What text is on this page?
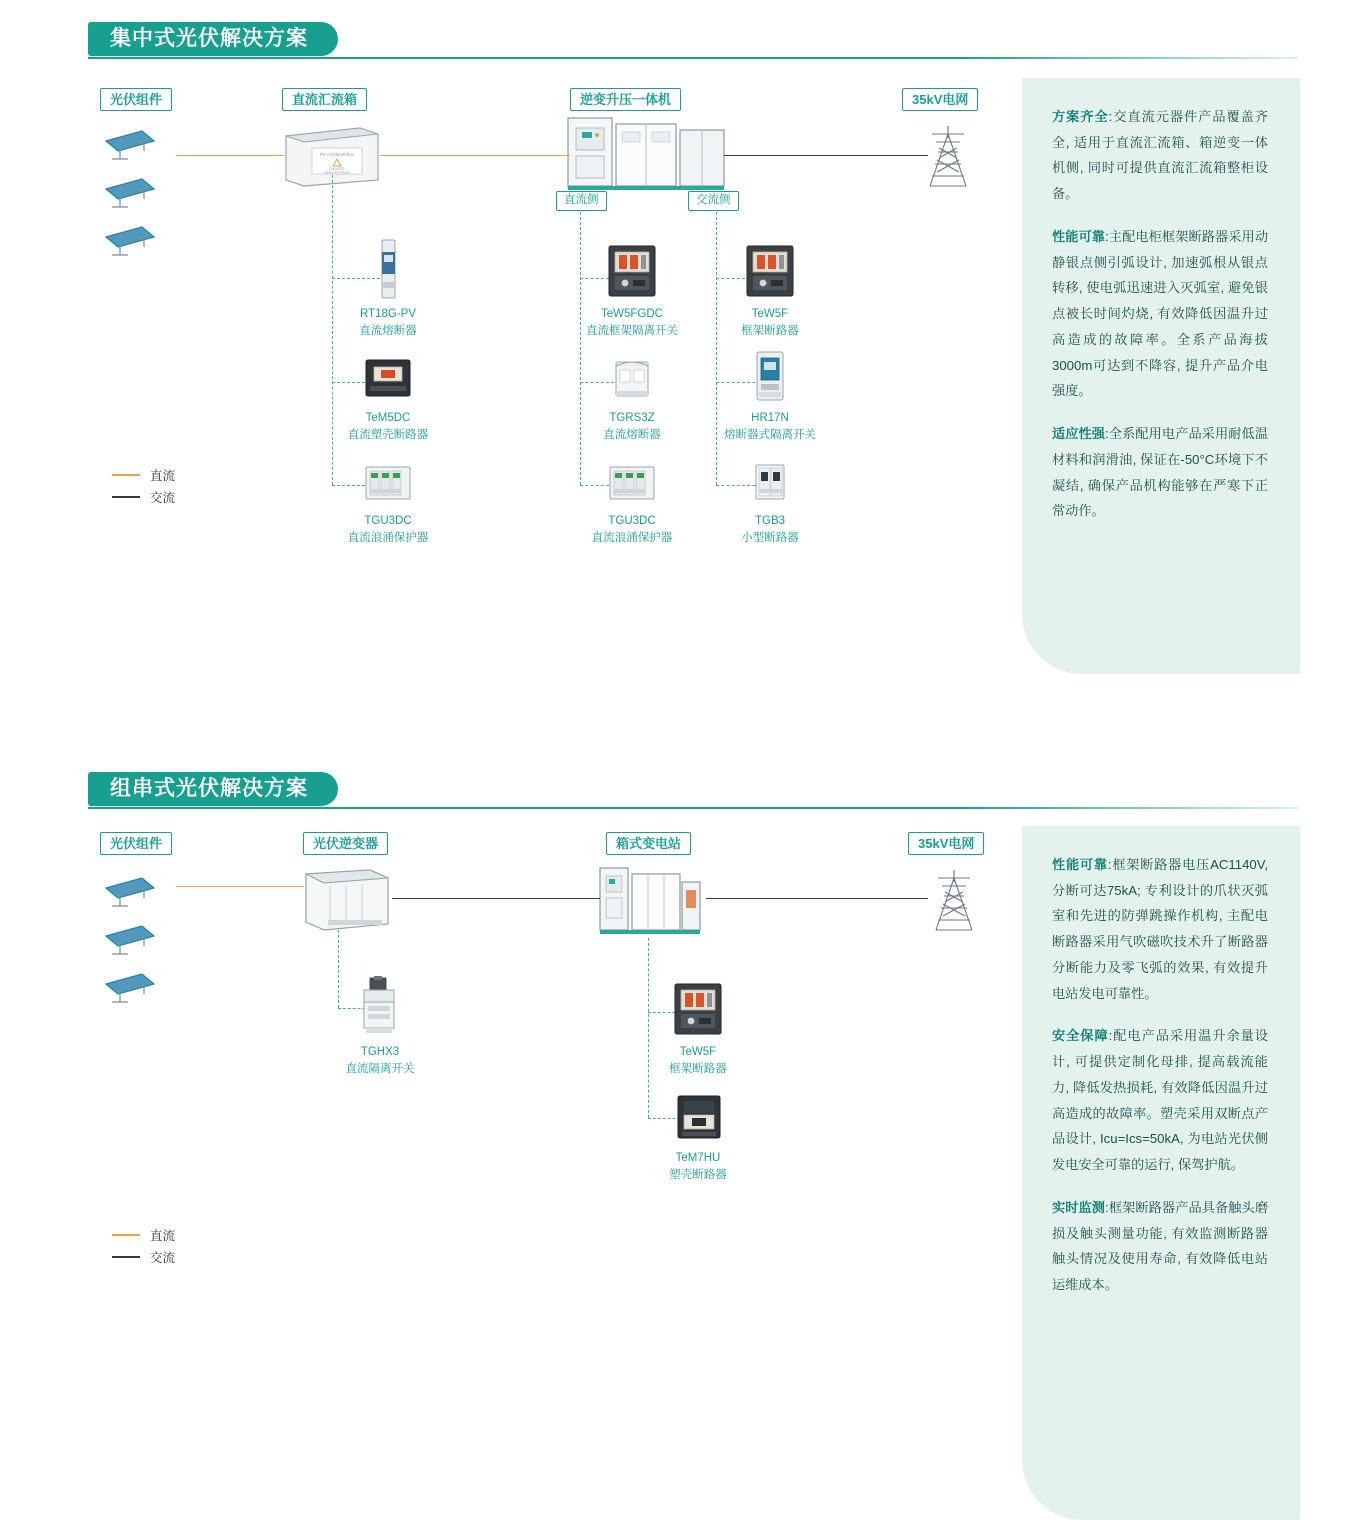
集中式光伏解决方案
光伏组件	直流汇流箱	逆变升压一体机	35kV电网
直流侧	交流侧
PV combiner box
DANGER
HIGH VOLTAGE
RT18G-PV
直流熔断器
TeM5DC
直流塑壳断路器
TGU3DC
直流浪涌保护器
TeW5FGDC
直流框架隔离开关
TGRS3Z
直流熔断器
TGU3DC
直流浪涌保护器
TeW5F
框架断路器
HR17N
熔断器式隔离开关
TGB3
小型断路器
直流
交流

方案齐全:交直流元器件产品覆盖齐全, 适用于直流汇流箱、箱逆变一体机侧, 同时可提供直流汇流箱整柜设备。

性能可靠:主配电柜框架断路器采用动静银点侧引弧设计, 加速弧根从银点转移, 使电弧迅速进入灭弧室, 避免银点被长时间灼烧, 有效降低因温升过高造成的故障率。全系产品海拔3000m可达到不降容, 提升产品介电强度。

适应性强:全系配用电产品采用耐低温材料和润滑油, 保证在-50°C环境下不凝结, 确保产品机构能够在严寒下正常动作。

组串式光伏解决方案
光伏组件	光伏逆变器	箱式变电站	35kV电网
TGHX3
直流隔离开关
TeW5F
框架断路器
TeM7HU
塑壳断路器
直流
交流

性能可靠:框架断路器电压AC1140V, 分断可达75kA; 专利设计的爪状灭弧室和先进的防弹跳操作机构, 主配电断路器采用气吹磁吹技术升了断路器分断能力及零飞弧的效果, 有效提升电站发电可靠性。

安全保障:配电产品采用温升余量设计, 可提供定制化母排, 提高载流能力, 降低发热损耗, 有效降低因温升过高造成的故障率。塑壳采用双断点产品设计, Icu=Ics=50kA, 为电站光伏侧发电安全可靠的运行, 保驾护航。

实时监测:框架断路器产品具备触头磨损及触头测量功能, 有效监测断路器触头情况及使用寿命, 有效降低电站运维成本。
